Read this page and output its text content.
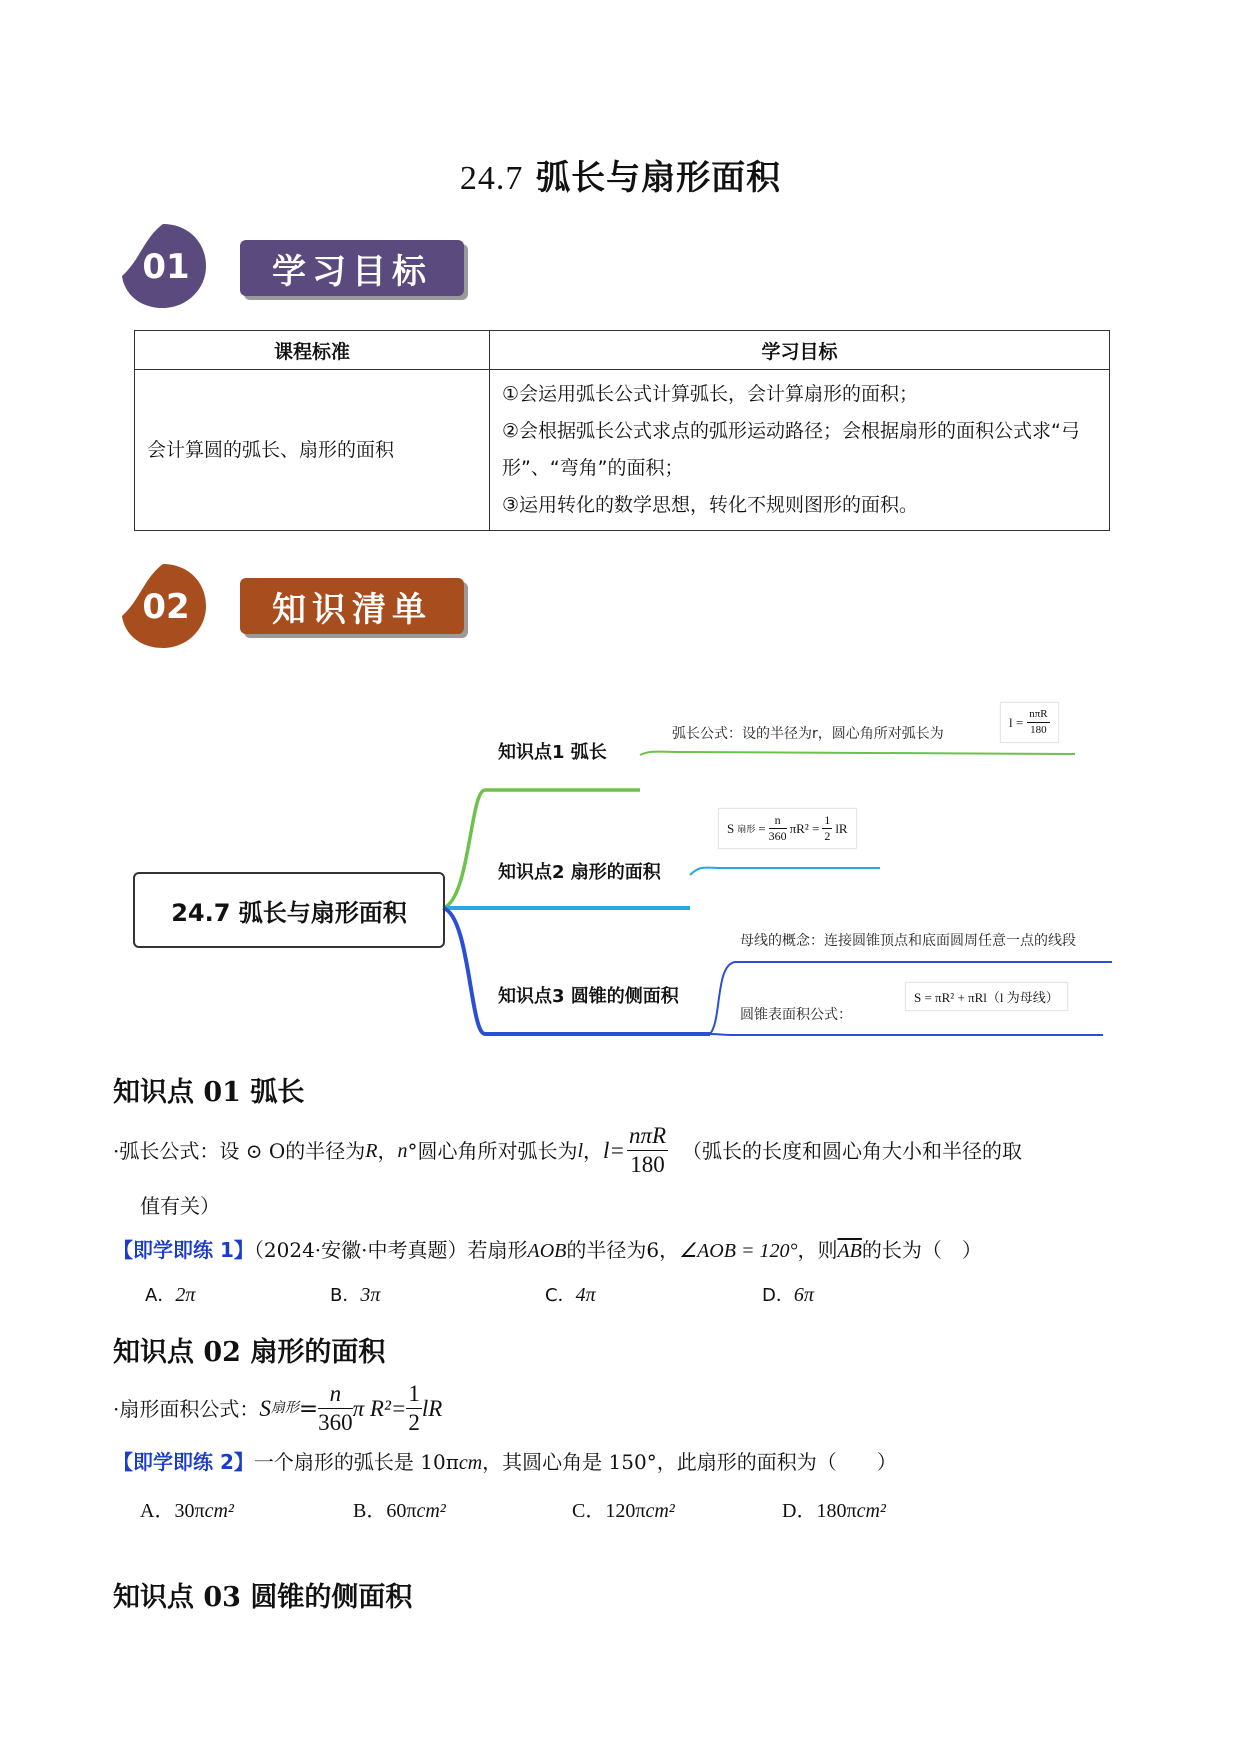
24.7 弧长与扇形面积
01	学习目标
课程标准	学习目标
会计算圆的弧长、扇形的面积	①会运用弧长公式计算弧长，会计算扇形的面积；
②会根据弧长公式求点的弧形运动路径；会根据扇形的面积公式求“弓形”、“弯角”的面积；
③运用转化的数学思想，转化不规则图形的面积。
02	知识清单
24.7 弧长与扇形面积
知识点1 弧长
弧长公式：设的半径为r，圆心角所对弧长为
$l = \frac{\text{nπR}}{180}$
知识点2 扇形的面积
S 扇形 = $\frac{n}{360} \pi R^2 = \frac{1}{2}$ lR
知识点3 圆锥的侧面积
母线的概念：连接圆锥顶点和底面圆周任意一点的线段
圆锥表面积公式：
S = πR² + πRl（l 为母线）
知识点 01 弧长
·弧长公式：设 ⊙ O的半径为 R ， n °圆心角所对弧长为 l ， $l= \frac{\text{nπR}}{180}$ （弧长的长度和圆心角大小和半径的取
值有关）
【即学即练 1】（2024·安徽·中考真题）若扇形AOB的半径为6，∠AOB = 120°，则$\overline{AB}$的长为（　）
A．2π	B．3π	C．4π	D．6π
知识点 02 扇形的面积
·扇形面积公式： S 扇形 = $\frac{n}{360}$ π $R^2= \frac{1}{2}$ lR
【即学即练 2】一个扇形的弧长是 10πcm，其圆心角是 150°，此扇形的面积为（　　）
A．30πcm²	B．60πcm²	C．120πcm²	D．180πcm²
知识点 03 圆锥的侧面积
